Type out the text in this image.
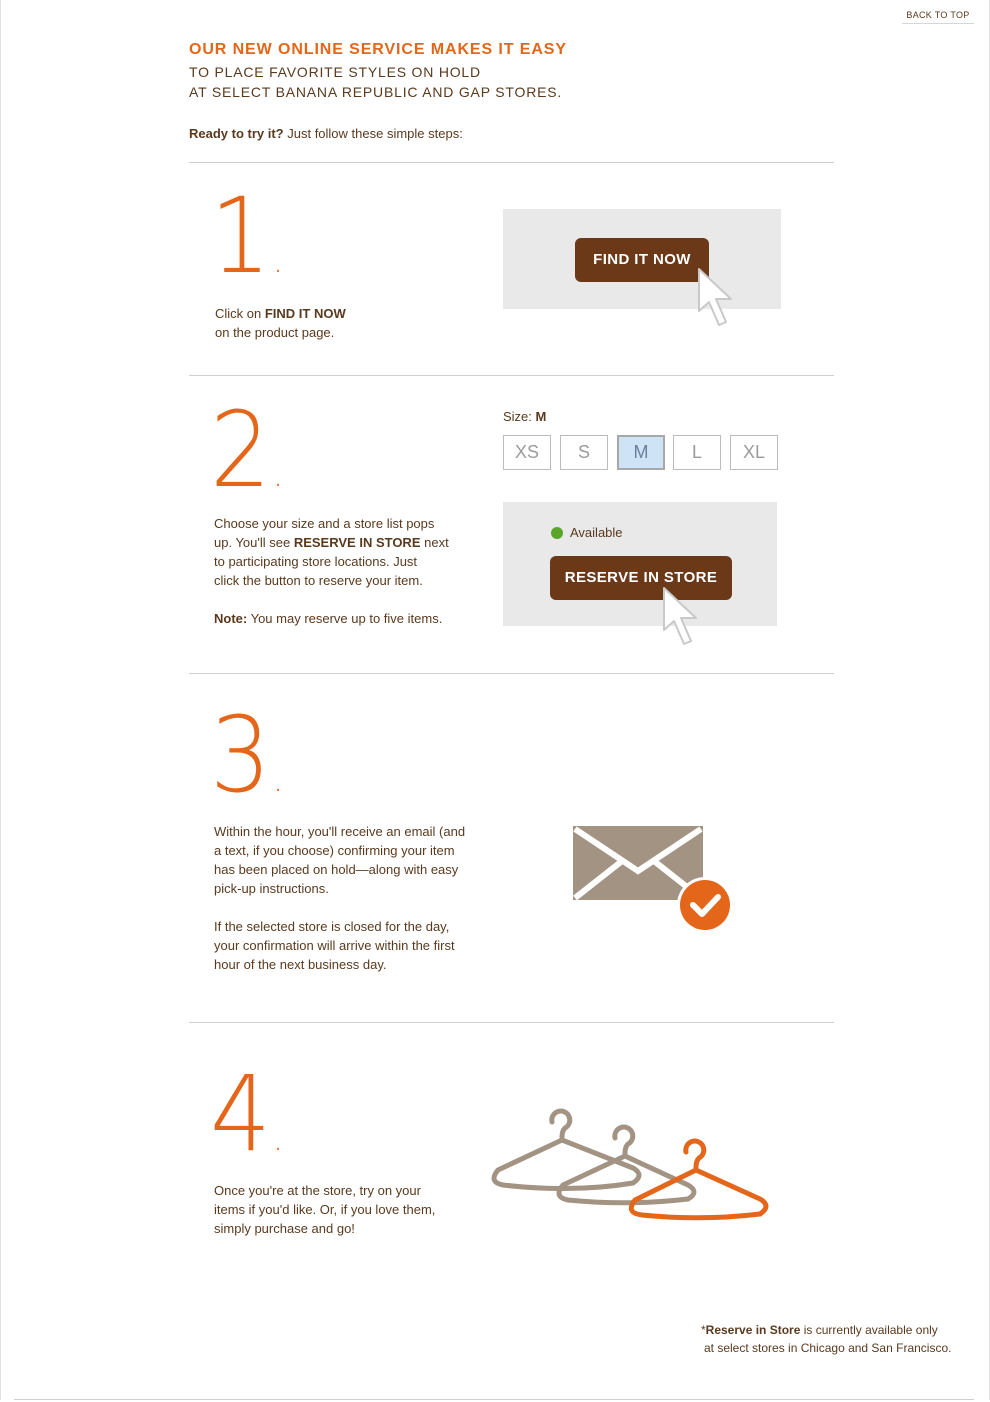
BACK TO TOP
OUR NEW ONLINE SERVICE MAKES IT EASY
TO PLACE FAVORITE STYLES ON HOLD
AT SELECT BANANA REPUBLIC AND GAP STORES.
Ready to try it? Just follow these simple steps:
1 .
Click on FIND IT NOW
on the product page.
FIND IT NOW
2 .
Choose your size and a store list pops
up. You'll see RESERVE IN STORE next
to participating store locations. Just
click the button to reserve your item.
Note: You may reserve up to five items.
Size: M
XS	S	M	L	XL
Available
RESERVE IN STORE
3 .
Within the hour, you'll receive an email (and
a text, if you choose) confirming your item
has been placed on hold—along with easy
pick-up instructions.
If the selected store is closed for the day,
your confirmation will arrive within the first
hour of the next business day.
4 .
Once you're at the store, try on your
items if you'd like. Or, if you love them,
simply purchase and go!
*Reserve in Store is currently available only
at select stores in Chicago and San Francisco.
